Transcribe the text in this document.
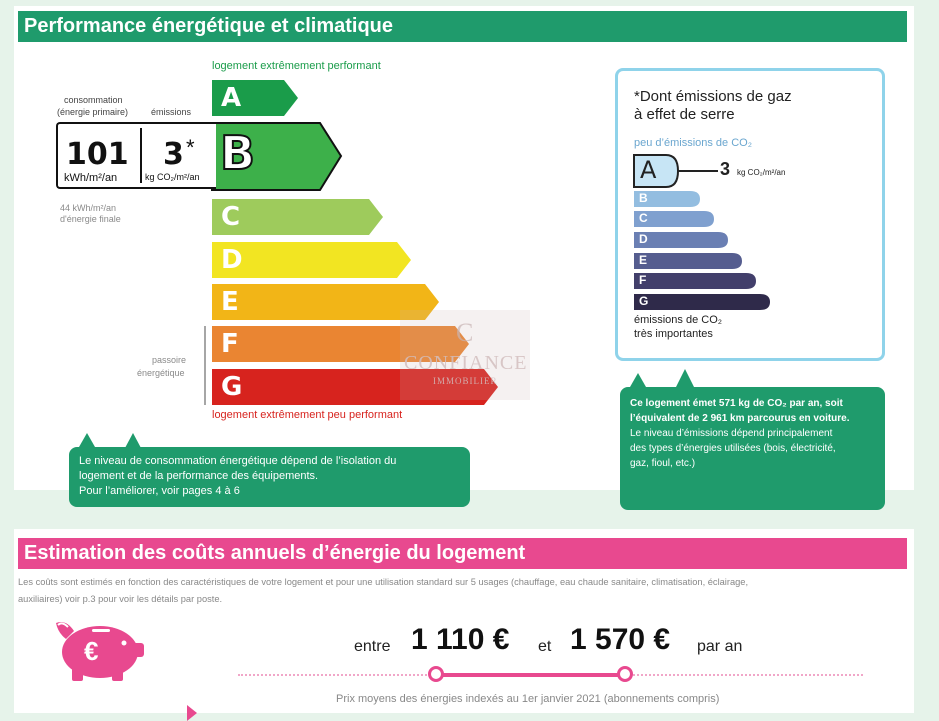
Performance énergétique et climatique
logement extrêmement performant
A
B
C
D
E
F
G
logement extrêmement peu performant
consommation
(énergie primaire)	émissions
101
kWh/m²/an
3 *
kg CO₂/m²/an
44 kWh/m²/an
d'énergie finale
passoire
énergétique
C
CONFIANCE
IMMOBILIER
Le niveau de consommation énergétique dépend de l’isolation du
logement et de la performance des équipements.
Pour l’améliorer, voir pages 4 à 6
*Dont émissions de gaz
à effet de serre
peu d’émissions de CO₂
A
B
C
D
E
F
G
3 kg CO₂/m²/an
émissions de CO₂
très importantes
Ce logement émet 571 kg de CO₂ par an, soit
l’équivalent de 2 961 km parcourus en voiture.
Le niveau d’émissions dépend principalement
des types d’énergies utilisées (bois, électricité,
gaz, fioul, etc.)
Estimation des coûts annuels d’énergie du logement
Les coûts sont estimés en fonction des caractéristiques de votre logement et pour une utilisation standard sur 5 usages (chauffage, eau chaude sanitaire, climatisation, éclairage,
auxiliaires) voir p.3 pour voir les détails par poste.
€	entre 1 110 € et 1 570 € par an
Prix moyens des énergies indexés au 1er janvier 2021 (abonnements compris)
